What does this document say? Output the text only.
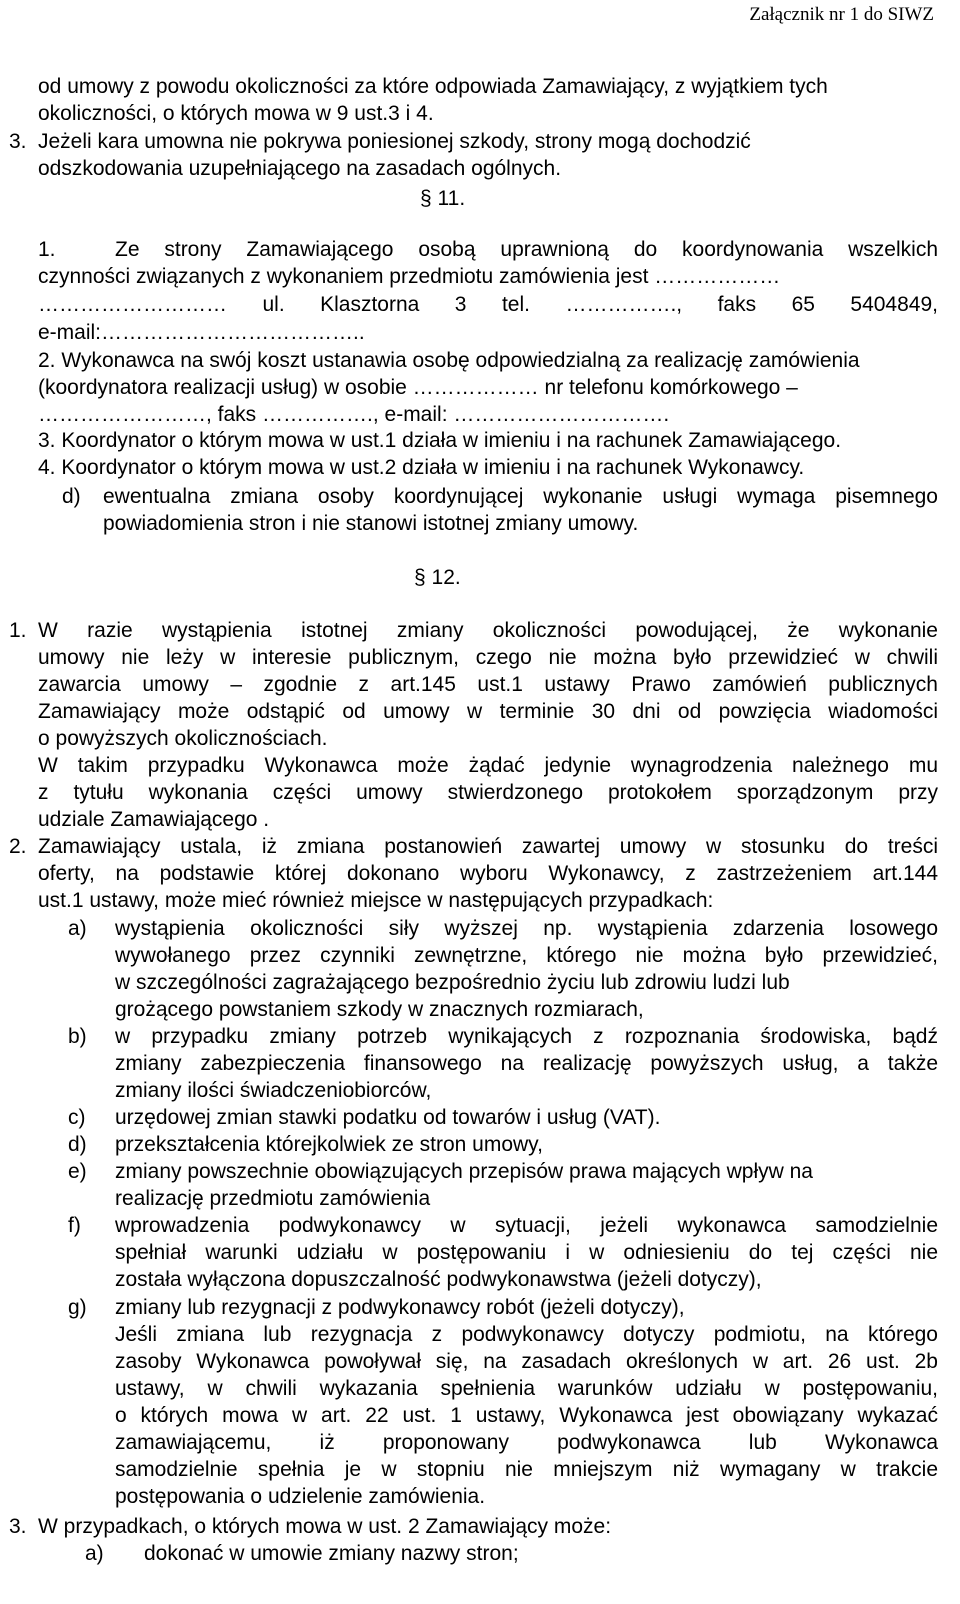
Załącznik nr 1 do SIWZ
od umowy z powodu okoliczności za które odpowiada Zamawiający, z wyjątkiem tych
okoliczności, o których mowa w 9 ust.3 i 4.
3. Jeżeli kara umowna nie pokrywa poniesionej szkody, strony mogą dochodzić
odszkodowania uzupełniającego na zasadach ogólnych.
§ 11.
1.	Ze strony Zamawiającego osobą uprawnioną do koordynowania wszelkich
czynności związanych z wykonaniem przedmiotu zamówienia jest ………………
……………………… ul. Klasztorna 3 tel. ……………., faks 65 5404849,
e-mail:………………………………..
2. Wykonawca na swój koszt ustanawia osobę odpowiedzialną za realizację zamówienia
(koordynatora realizacji usług) w osobie ……………… nr telefonu komórkowego –
……………………, faks ……………., e-mail: ………………………….
3. Koordynator o którym mowa w ust.1 działa w imieniu i na rachunek Zamawiającego.
4. Koordynator o którym mowa w ust.2 działa w imieniu i na rachunek Wykonawcy.
d) ewentualna zmiana osoby koordynującej wykonanie usługi wymaga pisemnego
powiadomienia stron i nie stanowi istotnej zmiany umowy.
§ 12.
1. W razie wystąpienia istotnej zmiany okoliczności powodującej, że wykonanie
umowy nie leży w interesie publicznym, czego nie można było przewidzieć w chwili
zawarcia umowy – zgodnie z art.145 ust.1 ustawy Prawo zamówień publicznych
Zamawiający może odstąpić od umowy w terminie 30 dni od powzięcia wiadomości
o powyższych okolicznościach.
W takim przypadku Wykonawca może żądać jedynie wynagrodzenia należnego mu
z tytułu wykonania części umowy stwierdzonego protokołem sporządzonym przy
udziale Zamawiającego .
2. Zamawiający ustala, iż zmiana postanowień zawartej umowy w stosunku do treści
oferty, na podstawie której dokonano wyboru Wykonawcy, z zastrzeżeniem art.144
ust.1 ustawy, może mieć również miejsce w następujących przypadkach:
a) wystąpienia okoliczności siły wyższej np. wystąpienia zdarzenia losowego
wywołanego przez czynniki zewnętrzne, którego nie można było przewidzieć,
w szczególności zagrażającego bezpośrednio życiu lub zdrowiu ludzi lub
grożącego powstaniem szkody w znacznych rozmiarach,
b) w przypadku zmiany potrzeb wynikających z rozpoznania środowiska, bądź
zmiany zabezpieczenia finansowego na realizację powyższych usług, a także
zmiany ilości świadczeniobiorców,
c) urzędowej zmian stawki podatku od towarów i usług (VAT).
d) przekształcenia którejkolwiek ze stron umowy,
e) zmiany powszechnie obowiązujących przepisów prawa mających wpływ na
realizację przedmiotu zamówienia
f) wprowadzenia podwykonawcy w sytuacji, jeżeli wykonawca samodzielnie
spełniał warunki udziału w postępowaniu i w odniesieniu do tej części nie
została wyłączona dopuszczalność podwykonawstwa (jeżeli dotyczy),
g) zmiany lub rezygnacji z podwykonawcy robót (jeżeli dotyczy),
Jeśli zmiana lub rezygnacja z podwykonawcy dotyczy podmiotu, na którego
zasoby Wykonawca powoływał się, na zasadach określonych w art. 26 ust. 2b
ustawy, w chwili wykazania spełnienia warunków udziału w postępowaniu,
o których mowa w art. 22 ust. 1 ustawy, Wykonawca jest obowiązany wykazać
zamawiającemu, iż proponowany podwykonawca lub Wykonawca
samodzielnie spełnia je w stopniu nie mniejszym niż wymagany w trakcie
postępowania o udzielenie zamówienia.
3. W przypadkach, o których mowa w ust. 2 Zamawiający może:
a) dokonać w umowie zmiany nazwy stron;
